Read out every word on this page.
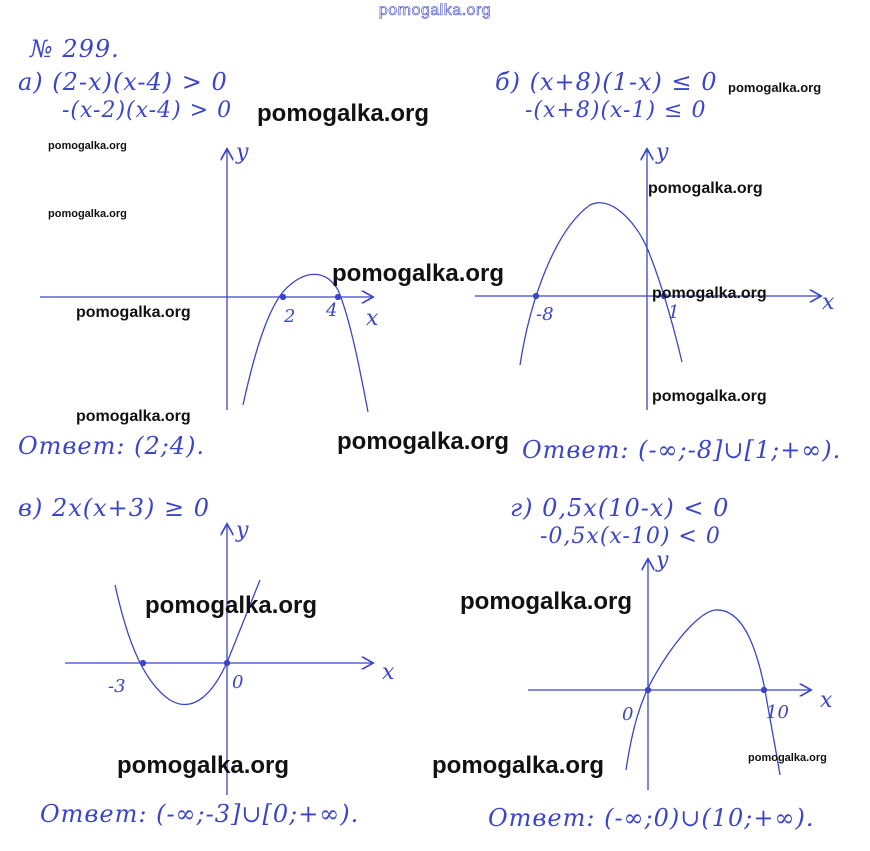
pomogalka.org
№ 299.
а) (2-x)(x-4) > 0
-(x-2)(x-4) > 0
y
x
2 4
Ответ: (2;4).
б) (x+8)(1-x) ≤ 0
-(x+8)(x-1) ≤ 0
y
x
-8	1
Ответ: (-∞;-8]∪[1;+∞).
в) 2x(x+3) ≥ 0
y
x
-3	0
Ответ: (-∞;-3]∪[0;+∞).
г) 0,5x(10-x) < 0
-0,5x(x-10) < 0
y
x
0	10
Ответ: (-∞;0)∪(10;+∞).
pomogalka.org
pomogalka.org
pomogalka.org
pomogalka.org
pomogalka.org
pomogalka.org
pomogalka.org
pomogalka.org
pomogalka.org
pomogalka.org
pomogalka.org
pomogalka.org	pomogalka.org
pomogalka.org	pomogalka.org	pomogalka.org
